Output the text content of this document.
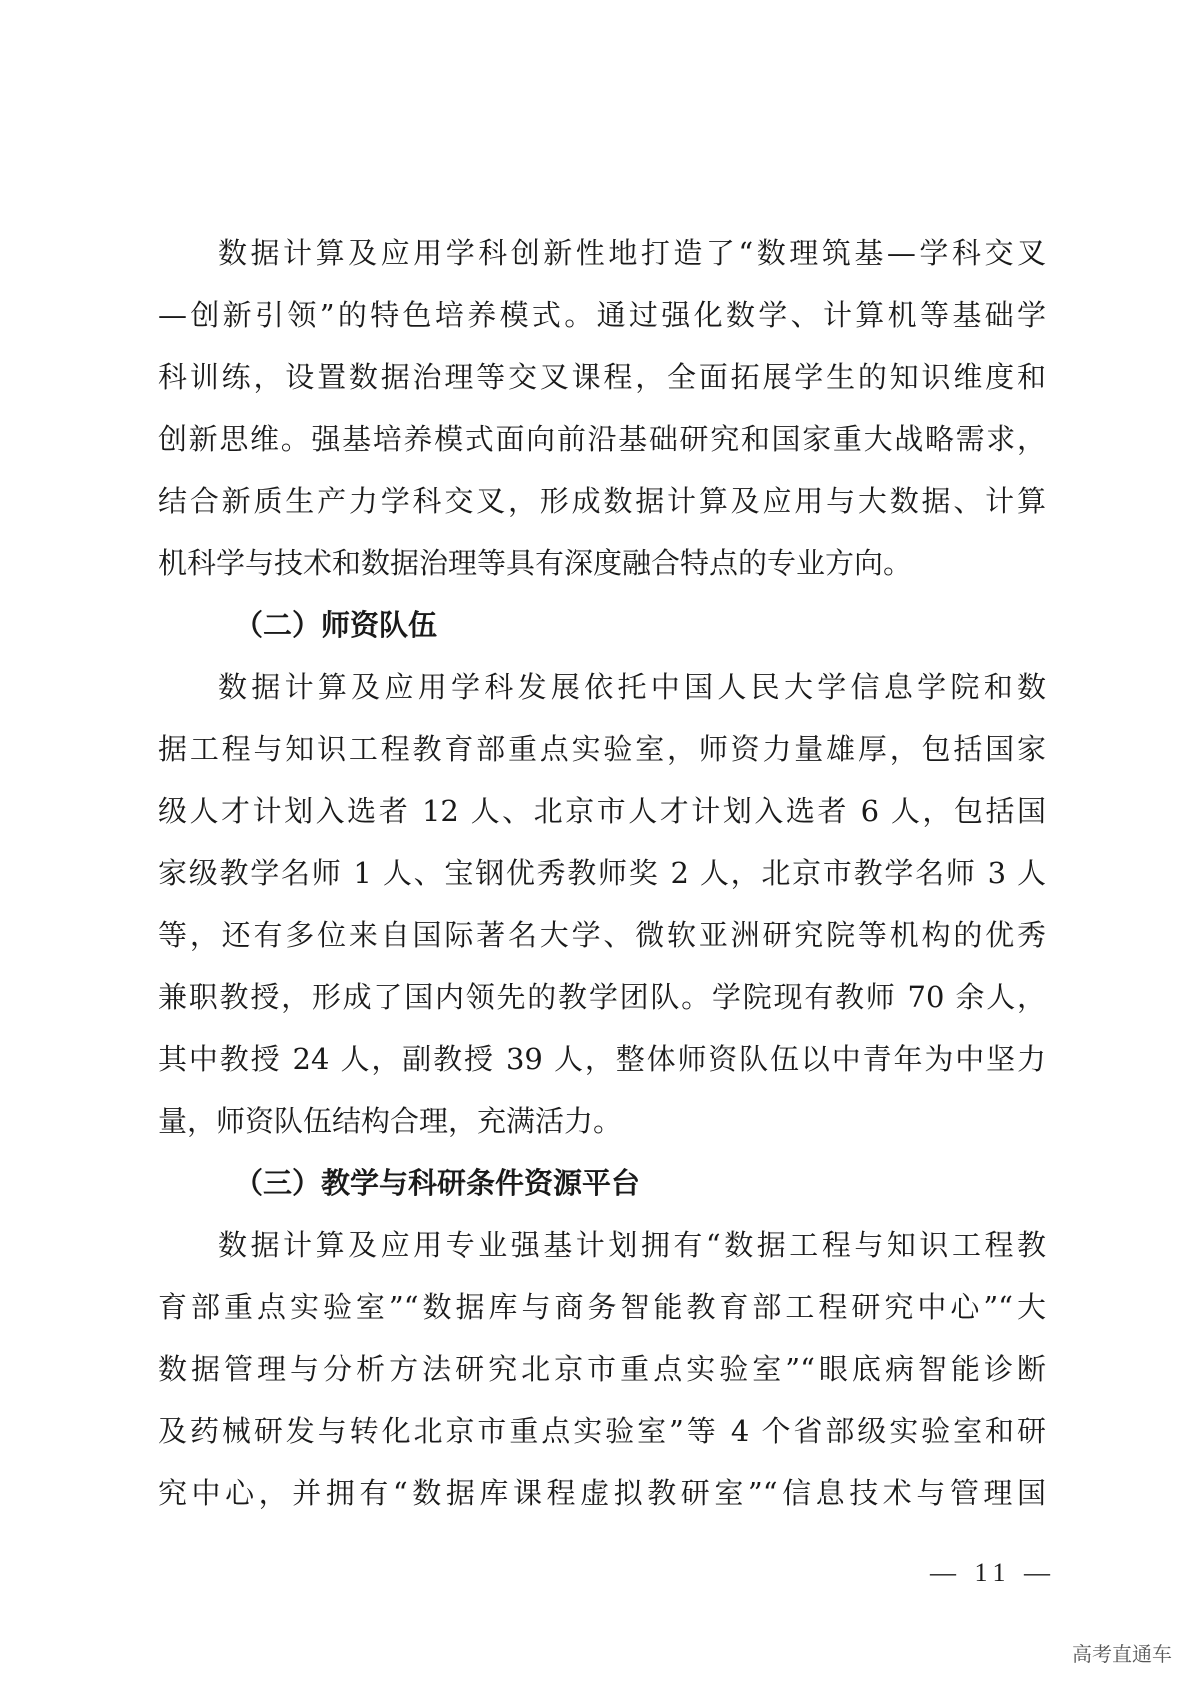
数据计算及应用学科创新性地打造了“数理筑基—学科交叉
—创新引领”的特色培养模式。通过强化数学、计算机等基础学
科训练，设置数据治理等交叉课程，全面拓展学生的知识维度和
创新思维。强基培养模式面向前沿基础研究和国家重大战略需求，
结合新质生产力学科交叉，形成数据计算及应用与大数据、计算
机科学与技术和数据治理等具有深度融合特点的专业方向。
（二）师资队伍
数据计算及应用学科发展依托中国人民大学信息学院和数
据工程与知识工程教育部重点实验室，师资力量雄厚，包括国家
级人才计划入选者 12 人、北京市人才计划入选者 6 人，包括国
家级教学名师 1 人、宝钢优秀教师奖 2 人，北京市教学名师 3 人
等，还有多位来自国际著名大学、微软亚洲研究院等机构的优秀
兼职教授，形成了国内领先的教学团队。学院现有教师 70 余人，
其中教授 24 人，副教授 39 人，整体师资队伍以中青年为中坚力
量，师资队伍结构合理，充满活力。
（三）教学与科研条件资源平台
数据计算及应用专业强基计划拥有“数据工程与知识工程教
育部重点实验室”“数据库与商务智能教育部工程研究中心”“大
数据管理与分析方法研究北京市重点实验室”“眼底病智能诊断
及药械研发与转化北京市重点实验室”等 4 个省部级实验室和研
究中心，并拥有“数据库课程虚拟教研室”“信息技术与管理国
— 11 —
高考直通车
